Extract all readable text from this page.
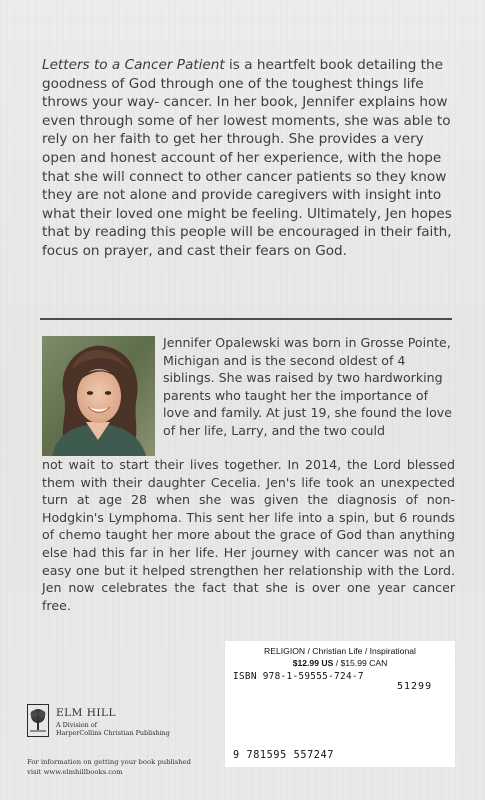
Letters to a Cancer Patient is a heartfelt book detailing the goodness of God through one of the toughest things life throws your way- cancer. In her book, Jennifer explains how even through some of her lowest moments, she was able to rely on her faith to get her through. She provides a very open and honest account of her experience, with the hope that she will connect to other cancer patients so they know they are not alone and provide caregivers with insight into what their loved one might be feeling. Ultimately, Jen hopes that by reading this people will be encouraged in their faith, focus on prayer, and cast their fears on God.

Jennifer Opalewski was born in Grosse Pointe, Michigan and is the second oldest of 4 siblings. She was raised by two hardworking parents who taught her the importance of love and family. At just 19, she found the love of her life, Larry, and the two could

not wait to start their lives together. In 2014, the Lord blessed them with their daughter Cecelia. Jen's life took an unexpected turn at age 28 when she was given the diagnosis of non-Hodgkin's Lymphoma. This sent her life into a spin, but 6 rounds of chemo taught her more about the grace of God than anything else had this far in her life. Her journey with cancer was not an easy one but it helped strengthen her relationship with the Lord. Jen now celebrates the fact that she is over one year cancer free.

RELIGION / Christian Life / Inspirational
$12.99 US / $15.99 CAN
ISBN 978-1-59555-724-7
51299
9 781595 557247
ELM HILL
A Division of
HarperCollins Christian Publishing
For information on getting your book published
visit www.elmhillbooks.com
